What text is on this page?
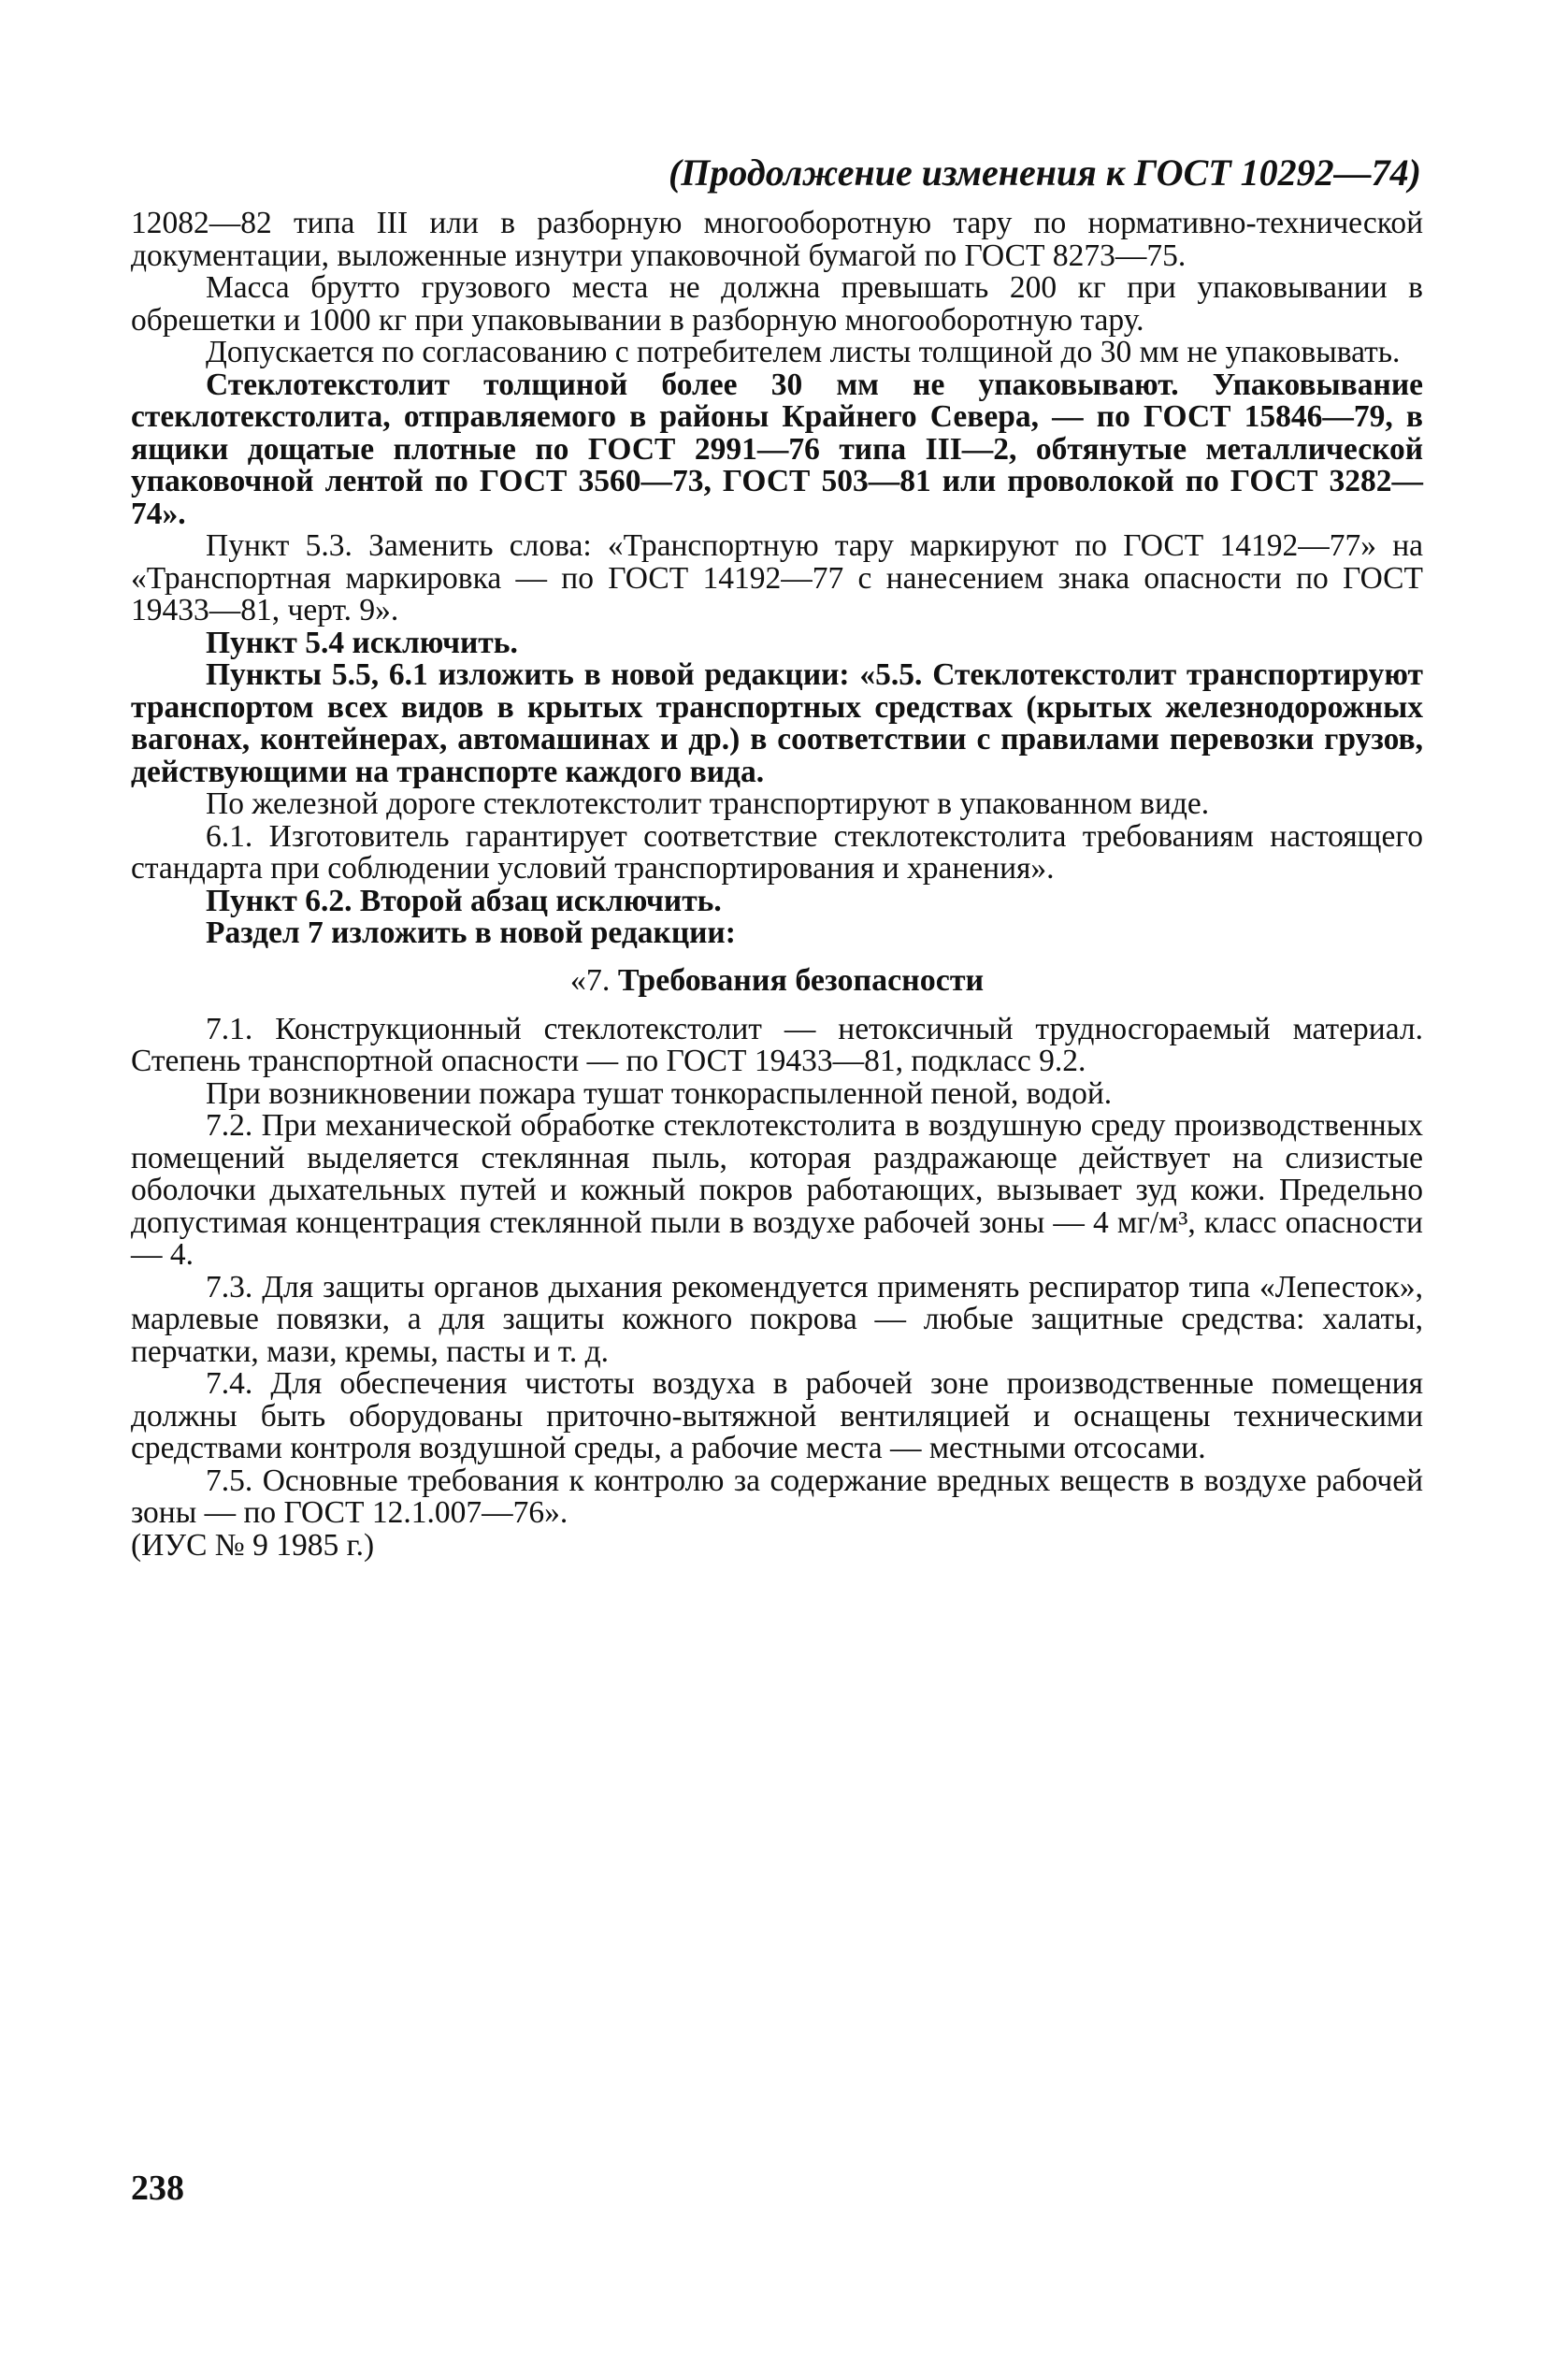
(Продолжение изменения к ГОСТ 10292—74)

12082—82 типа III или в разборную многооборотную тару по нормативно-технической документации, выложенные изнутри упаковочной бумагой по ГОСТ 8273—75.

Масса брутто грузового места не должна превышать 200 кг при упаковывании в обрешетки и 1000 кг при упаковывании в разборную многооборотную тару.

Допускается по согласованию с потребителем листы толщиной до 30 мм не упаковывать.

Стеклотекстолит толщиной более 30 мм не упаковывают. Упаковывание стеклотекстолита, отправляемого в районы Крайнего Севера, — по ГОСТ 15846—79, в ящики дощатые плотные по ГОСТ 2991—76 типа III—2, обтянутые металлической упаковочной лентой по ГОСТ 3560—73, ГОСТ 503—81 или проволокой по ГОСТ 3282—74».

Пункт 5.3. Заменить слова: «Транспортную тару маркируют по ГОСТ 14192—77» на «Транспортная маркировка — по ГОСТ 14192—77 с нанесением знака опасности по ГОСТ 19433—81, черт. 9».

Пункт 5.4 исключить.

Пункты 5.5, 6.1 изложить в новой редакции: «5.5. Стеклотекстолит транспортируют транспортом всех видов в крытых транспортных средствах (крытых железнодорожных вагонах, контейнерах, автомашинах и др.) в соответствии с правилами перевозки грузов, действующими на транспорте каждого вида.

По железной дороге стеклотекстолит транспортируют в упакованном виде.

6.1. Изготовитель гарантирует соответствие стеклотекстолита требованиям настоящего стандарта при соблюдении условий транспортирования и хранения».

Пункт 6.2. Второй абзац исключить.

Раздел 7 изложить в новой редакции:

«7. Требования безопасности

7.1. Конструкционный стеклотекстолит — нетоксичный трудносгораемый материал. Степень транспортной опасности — по ГОСТ 19433—81, подкласс 9.2.

При возникновении пожара тушат тонкораспыленной пеной, водой.

7.2. При механической обработке стеклотекстолита в воздушную среду производственных помещений выделяется стеклянная пыль, которая раздражающе действует на слизистые оболочки дыхательных путей и кожный покров работающих, вызывает зуд кожи. Предельно допустимая концентрация стеклянной пыли в воздухе рабочей зоны — 4 мг/м³, класс опасности — 4.

7.3. Для защиты органов дыхания рекомендуется применять респиратор типа «Лепесток», марлевые повязки, а для защиты кожного покрова — любые защитные средства: халаты, перчатки, мази, кремы, пасты и т. д.

7.4. Для обеспечения чистоты воздуха в рабочей зоне производственные помещения должны быть оборудованы приточно-вытяжной вентиляцией и оснащены техническими средствами контроля воздушной среды, а рабочие места — местными отсосами.

7.5. Основные требования к контролю за содержание вредных веществ в воздухе рабочей зоны — по ГОСТ 12.1.007—76».

(ИУС № 9 1985 г.)

238
